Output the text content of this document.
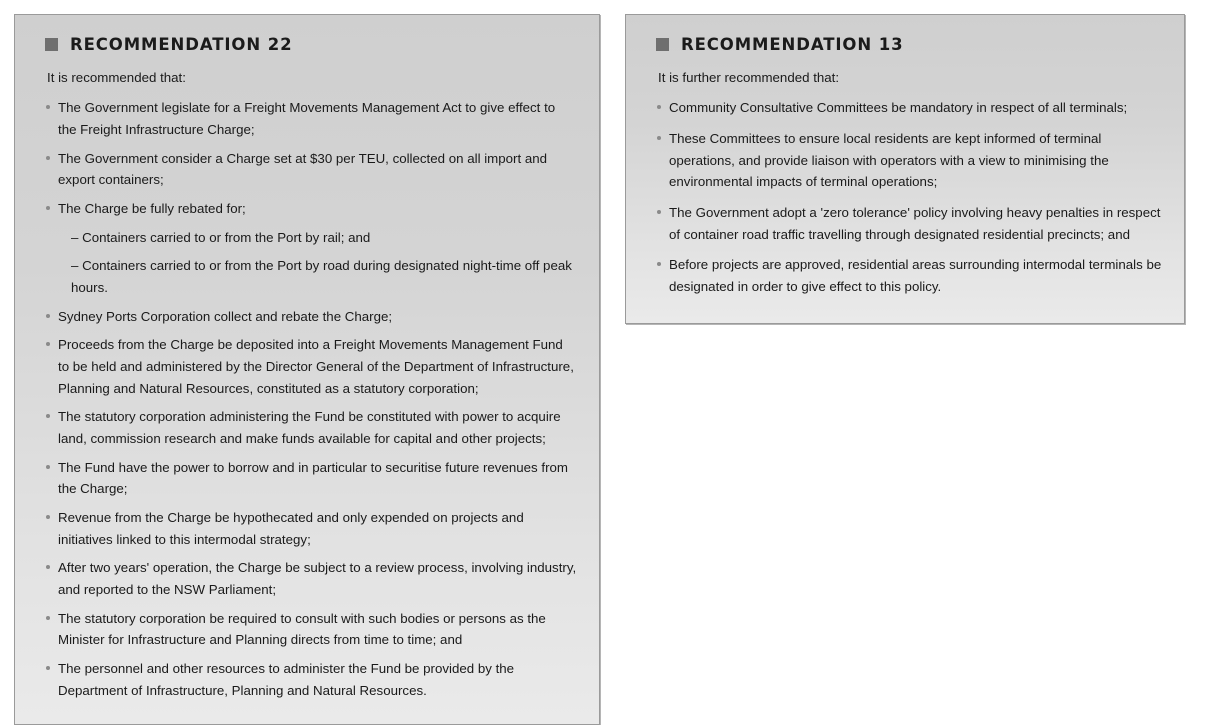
RECOMMENDATION 22

It is recommended that:

The Government legislate for a Freight Movements Management Act to give effect to the Freight Infrastructure Charge;
The Government consider a Charge set at $30 per TEU, collected on all import and export containers;
The Charge be fully rebated for;
– Containers carried to or from the Port by rail; and
– Containers carried to or from the Port by road during designated night-time off peak hours.
Sydney Ports Corporation collect and rebate the Charge;
Proceeds from the Charge be deposited into a Freight Movements Management Fund to be held and administered by the Director General of the Department of Infrastructure, Planning and Natural Resources, constituted as a statutory corporation;
The statutory corporation administering the Fund be constituted with power to acquire land, commission research and make funds available for capital and other projects;
The Fund have the power to borrow and in particular to securitise future revenues from the Charge;
Revenue from the Charge be hypothecated and only expended on projects and initiatives linked to this intermodal strategy;
After two years' operation, the Charge be subject to a review process, involving industry, and reported to the NSW Parliament;
The statutory corporation be required to consult with such bodies or persons as the Minister for Infrastructure and Planning directs from time to time; and
The personnel and other resources to administer the Fund be provided by the Department of Infrastructure, Planning and Natural Resources.
RECOMMENDATION 13

It is further recommended that:

Community Consultative Committees be mandatory in respect of all terminals;
These Committees to ensure local residents are kept informed of terminal operations, and provide liaison with operators with a view to minimising the environmental impacts of terminal operations;
The Government adopt a 'zero tolerance' policy involving heavy penalties in respect of container road traffic travelling through designated residential precincts; and
Before projects are approved, residential areas surrounding intermodal terminals be designated in order to give effect to this policy.
